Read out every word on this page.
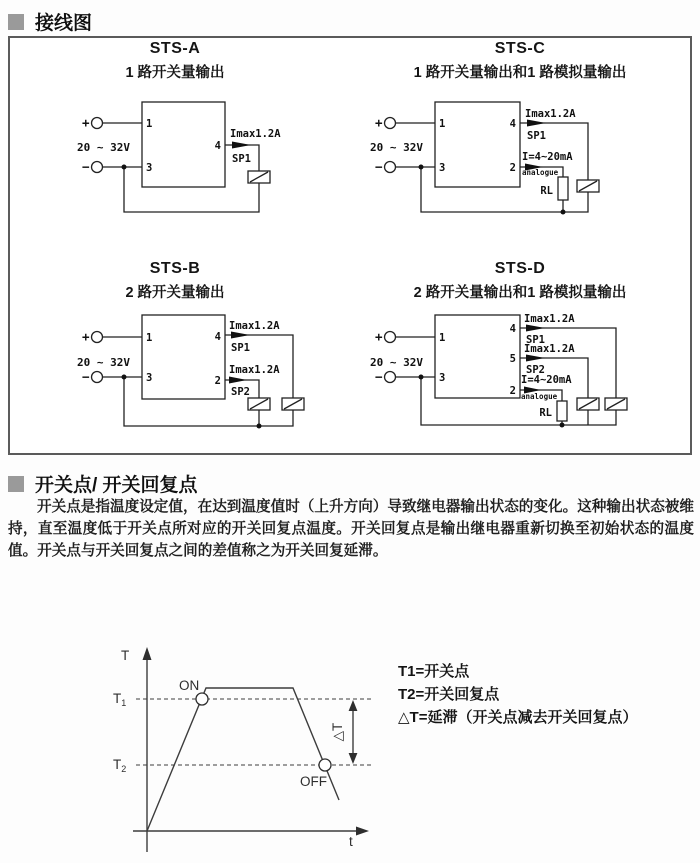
接线图
STS-A
1 路开关量输出
STS-C
1 路开关量输出和1 路模拟量输出
STS-B
2 路开关量输出
STS-D
2 路开关量输出和1 路模拟量输出
+
−
20 ~ 32V
1
3
4
Imax1.2A
SP1
+
−
20 ~ 32V
1
3
4
2
Imax1.2A
SP1
I=4~20mA
analogue
RL
+
−
20 ~ 32V
1
3
4
2
Imax1.2A
SP1
Imax1.2A
SP2
+
−
20 ~ 32V
1
3
4
5
2
Imax1.2A
SP1
Imax1.2A
SP2
I=4~20mA
analogue
RL
开关点/ 开关回复点

开关点是指温度设定值，在达到温度值时（上升方向）导致继电器输出状态的变化。这种输出状态被维持，直至温度低于开关点所对应的开关回复点温度。开关回复点是输出继电器重新切换至初始状态的温度值。开关点与开关回复点之间的差值称之为开关回复延滞。

T
t
$T_1$
$T_2$
ON
OFF
△T
T1=开关点
T2=开关回复点
△T=延滞（开关点减去开关回复点）
